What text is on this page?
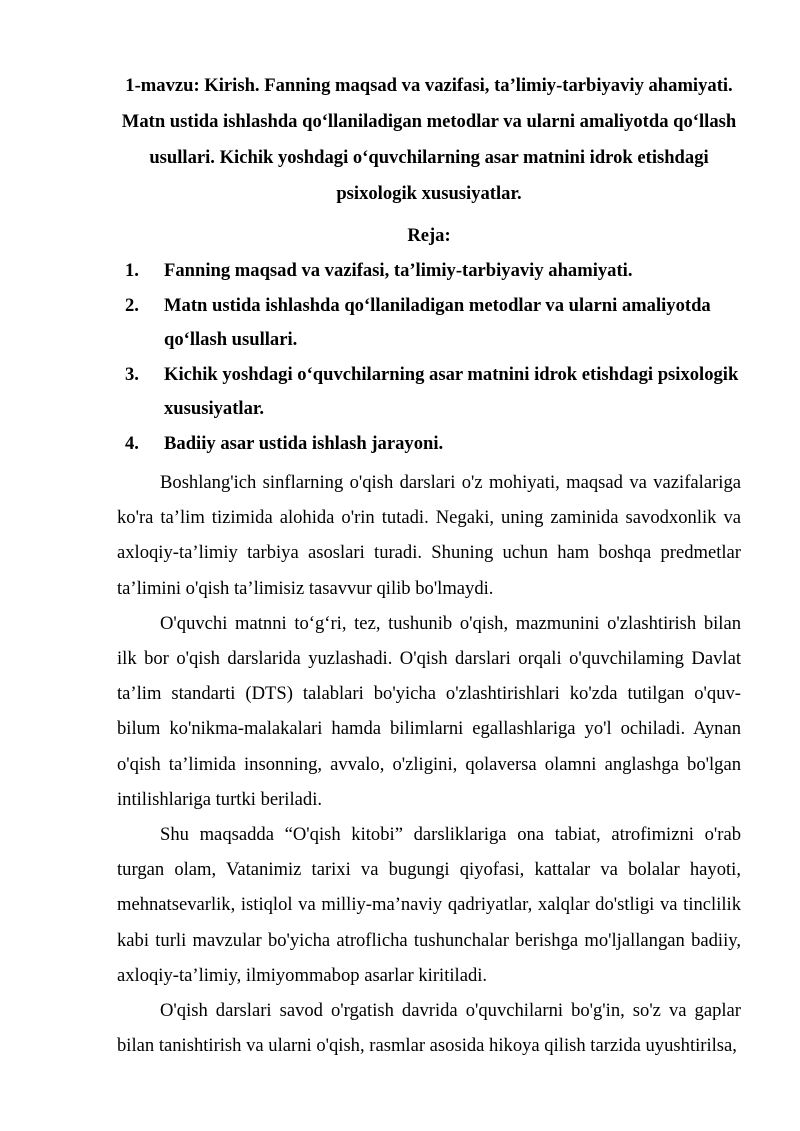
1-mavzu: Kirish. Fanning maqsad va vazifasi, ta’limiy-tarbiyaviy ahamiyati. Matn ustida ishlashda qo‘llaniladigan metodlar va ularni amaliyotda qo‘llash usullari. Kichik yoshdagi o‘quvchilarning asar matnini idrok etishdagi psixologik xususiyatlar.

Reja:

1. Fanning maqsad va vazifasi, ta’limiy-tarbiyaviy ahamiyati.
2. Matn ustida ishlashda qo‘llaniladigan metodlar va ularni amaliyotda qo‘llash usullari.
3. Kichik yoshdagi o‘quvchilarning asar matnini idrok etishdagi psixologik xususiyatlar.
4. Badiiy asar ustida ishlash jarayoni.

Boshlang'ich sinflarning o'qish darslari o'z mohiyati, maqsad va vazifalariga ko'ra ta’lim tizimida alohida o'rin tutadi. Negaki, uning zaminida savodxonlik va axloqiy-ta’limiy tarbiya asoslari turadi. Shuning uchun ham boshqa predmetlar ta’limini o'qish ta’limisiz tasavvur qilib bo'lmaydi.

O'quvchi matnni to‘g‘ri, tez, tushunib o'qish, mazmunini o'zlashtirish bilan ilk bor o'qish darslarida yuzlashadi. O'qish darslari orqali o'quvchilaming Davlat ta’lim standarti (DTS) talablari bo'yicha o'zlashtirishlari ko'zda tutilgan o'quv-bilum ko'nikma-malakalari hamda bilimlarni egallashlariga yo'l ochiladi. Aynan o'qish ta’limida insonning, avvalo, o'zligini, qolaversa olamni anglashga bo'lgan intilishlariga turtki beriladi.

Shu maqsadda “O'qish kitobi” darsliklariga ona tabiat, atrofimizni o'rab turgan olam, Vatanimiz tarixi va bugungi qiyofasi, kattalar va bolalar hayoti, mehnatsevarlik, istiqlol va milliy-ma’naviy qadriyatlar, xalqlar do'stligi va tinclilik kabi turli mavzular bo'yicha atroflicha tushunchalar berishga mo'ljallangan badiiy, axloqiy-ta’limiy, ilmiyommabop asarlar kiritiladi.

O'qish darslari savod o'rgatish davrida o'quvchilarni bo'g'in, so'z va gaplar bilan tanishtirish va ularni o'qish, rasmlar asosida hikoya qilish tarzida uyushtirilsa,
